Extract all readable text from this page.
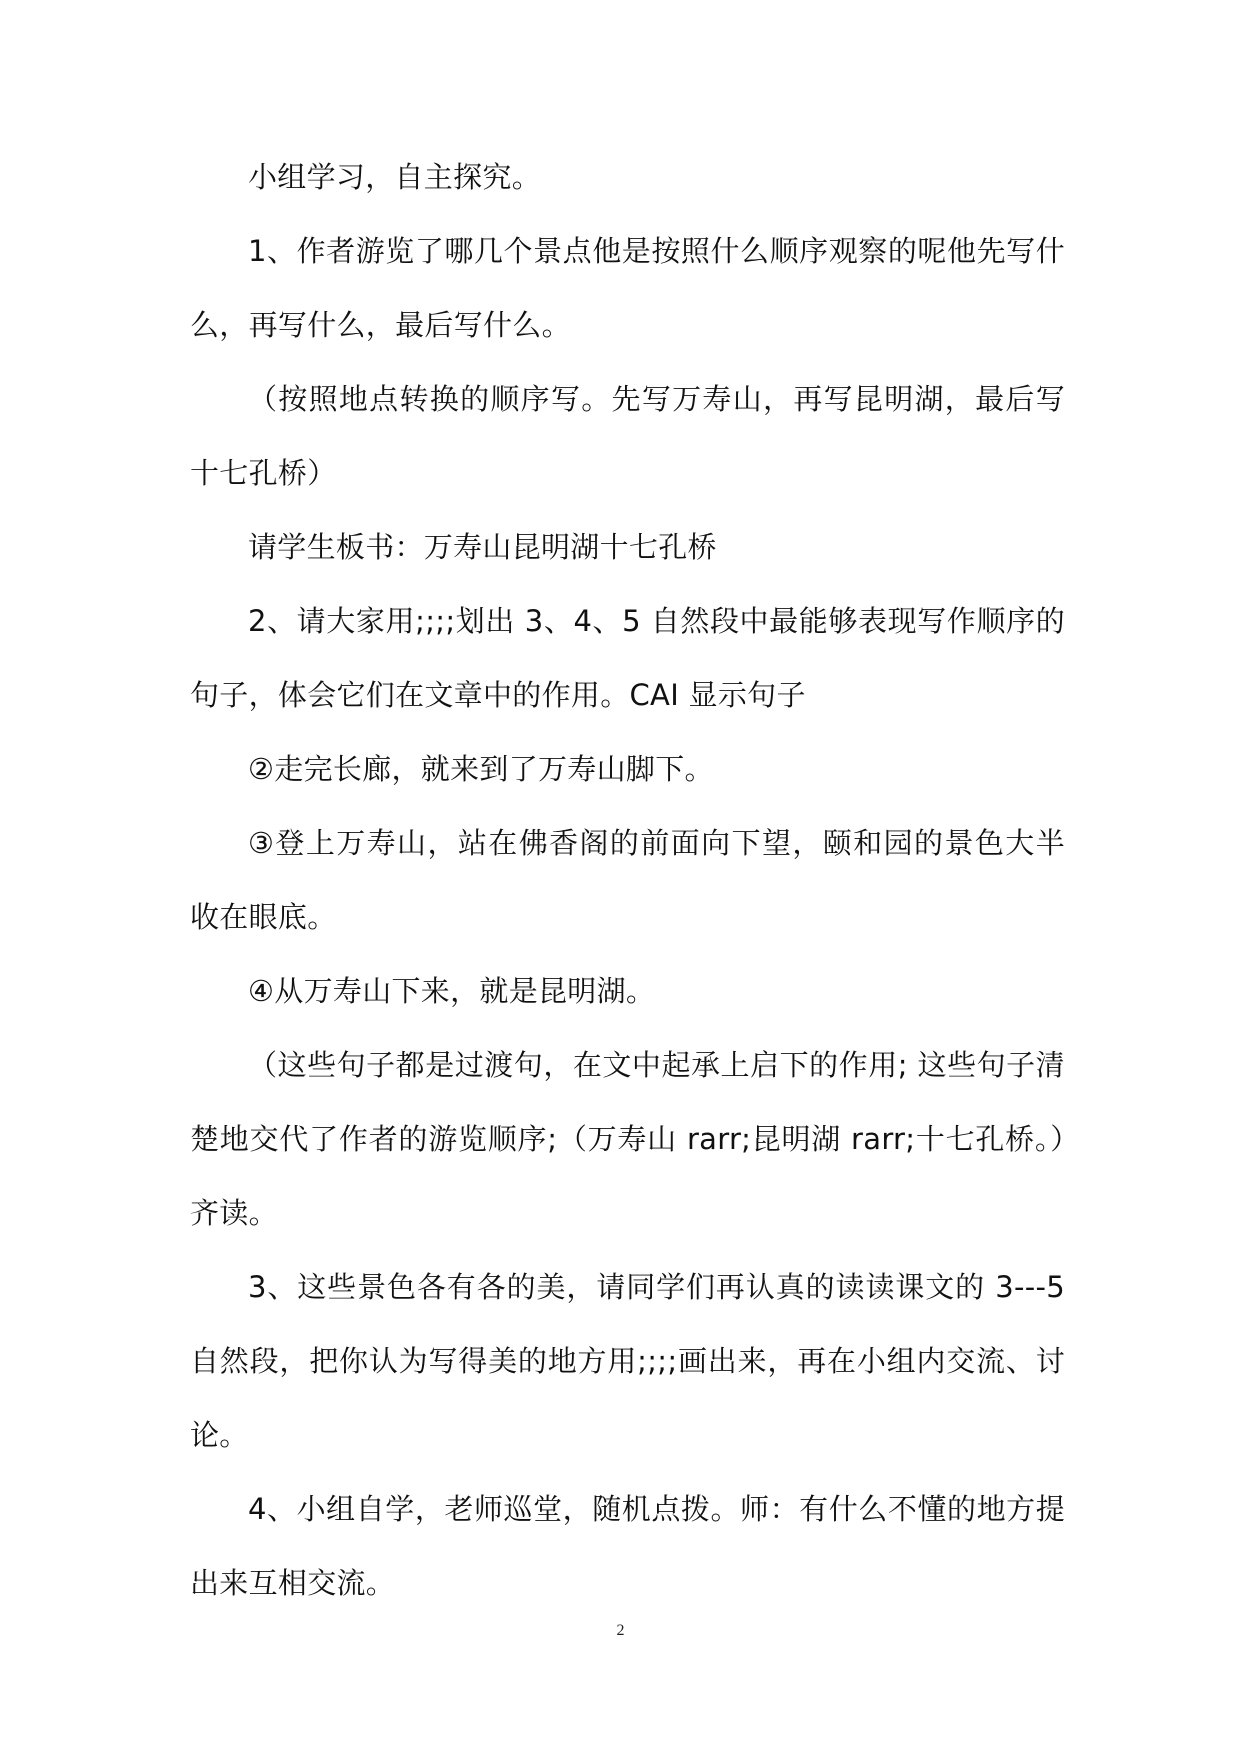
小组学习，自主探究。

1、作者游览了哪几个景点他是按照什么顺序观察的呢他先写什么，再写什么，最后写什么。

（按照地点转换的顺序写。先写万寿山，再写昆明湖，最后写十七孔桥）

请学生板书：万寿山昆明湖十七孔桥

2、请大家用;;;;划出 3、4、5 自然段中最能够表现写作顺序的句子，体会它们在文章中的作用。CAI 显示句子

②走完长廊，就来到了万寿山脚下。

③登上万寿山，站在佛香阁的前面向下望，颐和园的景色大半收在眼底。

④从万寿山下来，就是昆明湖。

（这些句子都是过渡句，在文中起承上启下的作用; 这些句子清楚地交代了作者的游览顺序;（万寿山 rarr;昆明湖 rarr;十七孔桥。）齐读。

3、这些景色各有各的美，请同学们再认真的读读课文的 3---5 自然段，把你认为写得美的地方用;;;;画出来，再在小组内交流、讨论。

4、小组自学，老师巡堂，随机点拨。师：有什么不懂的地方提出来互相交流。

2
